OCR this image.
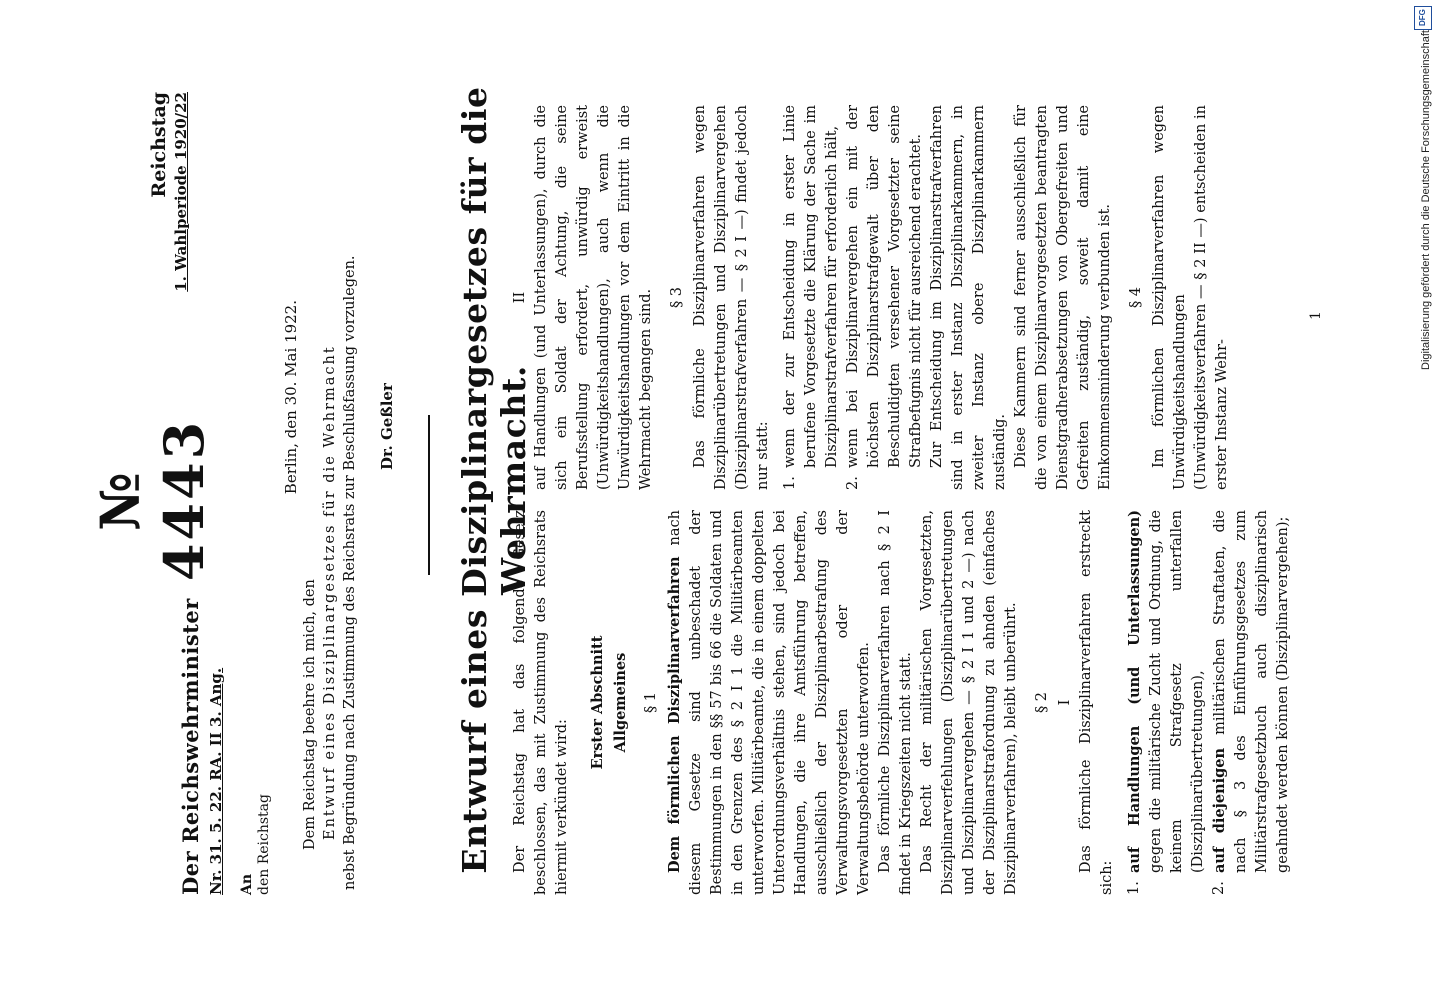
Der Reichswehrminister Nr. 31. 5. 22. RA. II 3. Ang. An den Reichstag
№ 4443
Reichstag 1. Wahlperiode 1920/22
Berlin, den 30. Mai 1922.

Dem Reichstag beehre ich mich, den Entwurf eines Disziplinargesetzes für die Wehrmacht nebst Begründung nach Zustimmung des Reichsrats zur Beschlußfassung vorzulegen. Dr. Geßler Entwurf eines Disziplinargesetzes für die Wehrmacht.

Der Reichstag hat das folgende Gesetz beschlossen, das mit Zustimmung des Reichsrats hiermit verkündet wird:

Erster Abschnitt Allgemeines § 1 Dem förmlichen Disziplinarverfahren nach diesem Gesetze sind unbeschadet der Bestimmungen in den §§ 57 bis 66 die Soldaten und in den Grenzen des § 2 I 1 die Militärbeamten unterworfen. Militärbeamte, die in einem doppelten Unterordnungsverhältnis stehen, sind jedoch bei Handlungen, die ihre Amtsführung betreffen, ausschließlich der Disziplinarbestrafung des Verwaltungsvorgesetzten oder der Verwaltungsbehörde unterworfen. Das förmliche Disziplinarverfahren nach § 2 I findet in Kriegszeiten nicht statt. Das Recht der militärischen Vorgesetzten, Disziplinarverfehlungen (Disziplinarübertretungen und Disziplinarvergehen — § 2 I 1 und 2 —) nach der Disziplinarstrafordnung zu ahnden (einfaches Disziplinarverfahren), bleibt unberührt. § 2 I Das förmliche Disziplinarverfahren erstreckt sich: 1.
auf Handlungen (und Unterlassungen) gegen die militärische Zucht und Ordnung, die keinem Strafgesetz unterfallen (Disziplinarübertretungen),
2.
auf diejenigen militärischen Straftaten, die nach § 3 des Einführungsgesetzes zum Militärstrafgesetzbuch auch disziplinarisch geahndet werden können (Disziplinarvergehen);

II auf Handlungen (und Unterlassungen), durch die sich ein Soldat der Achtung, die seine Berufsstellung erfordert, unwürdig erweist (Unwürdigkeitshandlungen), auch wenn die Unwürdigkeitshandlungen vor dem Eintritt in die Wehrmacht begangen sind. § 3 Das förmliche Disziplinarverfahren wegen Disziplinarübertretungen und Disziplinarvergehen (Disziplinarstrafverfahren — § 2 I —) findet jedoch nur statt: 1.
wenn der zur Entscheidung in erster Linie berufene Vorgesetzte die Klärung der Sache im Disziplinarstrafverfahren für erforderlich hält,
2.
wenn bei Disziplinarvergehen ein mit der höchsten Disziplinarstrafgewalt über den Beschuldigten versehener Vorgesetzter seine Strafbefugnis nicht für ausreichend erachtet. Zur Entscheidung im Disziplinarstrafverfahren sind in erster Instanz Disziplinarkammern, in zweiter Instanz obere Disziplinarkammern zuständig. Diese Kammern sind ferner ausschließlich für die von einem Disziplinarvorgesetzten beantragten Dienstgradherabsetzungen von Obergefreiten und Gefreiten zuständig, soweit damit eine Einkommensminderung verbunden ist. § 4 Im förmlichen Disziplinarverfahren wegen Unwürdigkeitshandlungen (Unwürdigkeitsverfahren — § 2 II —) entscheiden in erster Instanz Wehr-

1	Digitalisierung gefördert durch die Deutsche Forschungsgemeinschaft
DFG
